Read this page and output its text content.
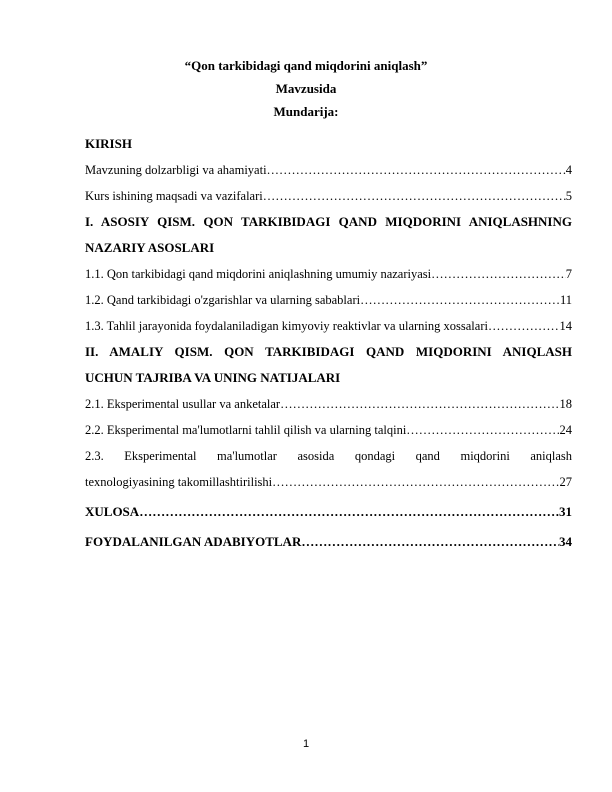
“Qon tarkibidagi qand miqdorini aniqlash”
Mavzusida
Mundarija:
KIRISH
Mavzuning dolzarbligi va ahamiyati ……………………………………………………………………………………………………………………………………	4
Kurs ishining maqsadi va vazifalari ……………………………………………………………………………………………………………………………………	5
I. ASOSIY QISM. QON TARKIBIDAGI QAND MIQDORINI ANIQLASHNING
NAZARIY ASOSLARI
1.1. Qon tarkibidagi qand miqdorini aniqlashning umumiy nazariyasi ……………………………………………………………………………………………………………………………………	7
1.2. Qand tarkibidagi o'zgarishlar va ularning sabablari ……………………………………………………………………………………………………………………………………	11
1.3. Tahlil jarayonida foydalaniladigan kimyoviy reaktivlar va ularning xossalari ……………………………………………………………………………………………………………………………………	14
II. AMALIY QISM. QON TARKIBIDAGI QAND MIQDORINI ANIQLASH
UCHUN TAJRIBA VA UNING NATIJALARI
2.1. Eksperimental usullar va anketalar ……………………………………………………………………………………………………………………………………	18
2.2. Eksperimental ma'lumotlarni tahlil qilish va ularning talqini ……………………………………………………………………………………………………………………………………	24
2.3. Eksperimental ma'lumotlar asosida qondagi qand miqdorini aniqlash
texnologiyasining takomillashtirilishi ……………………………………………………………………………………………………………………………………	27
XULOSA ……………………………………………………………………………………………………………………………………	31
FOYDALANILGAN ADABIYOTLAR ……………………………………………………………………………………………………………………………………	34
1
